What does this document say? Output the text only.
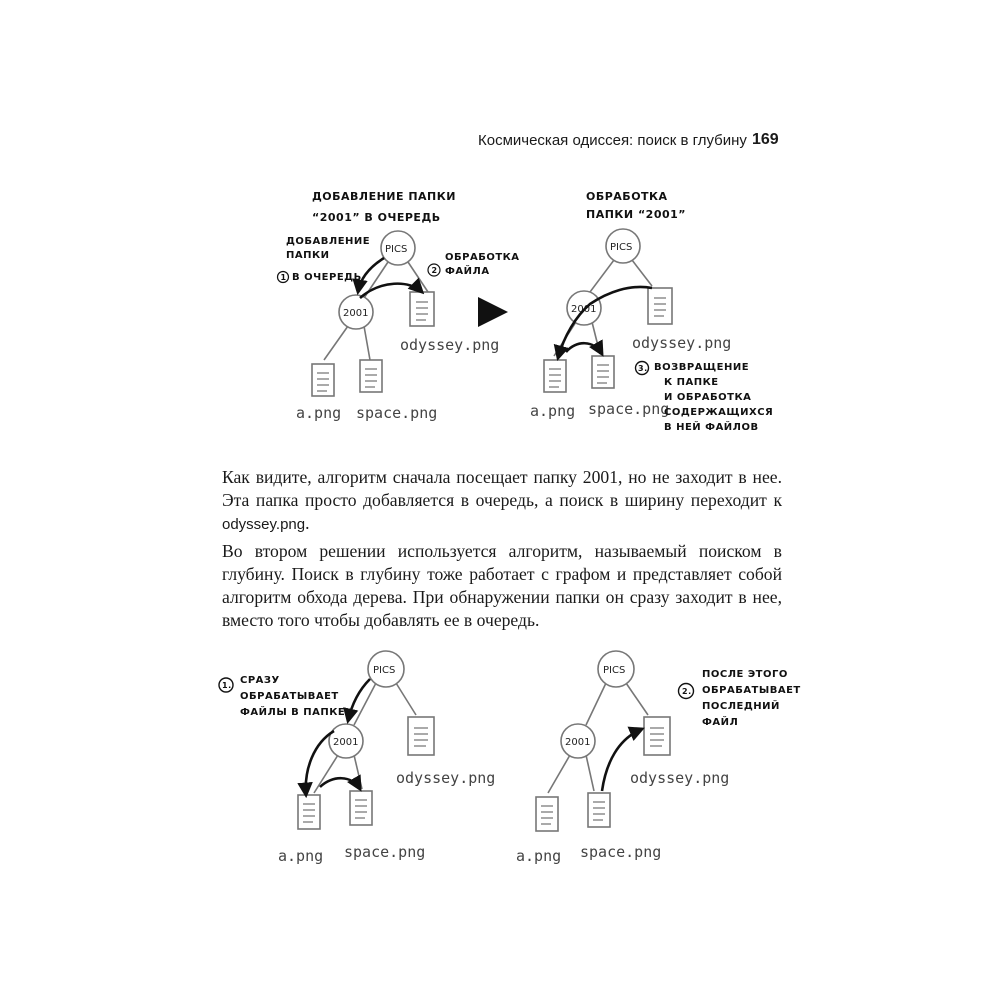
Космическая одиссея: поиск в глубину 169
ДОБАВЛЕНИЕ ПАПКИ
“2001” В ОЧЕРЕДЬ
ДОБАВЛЕНИЕ
ПАПКИ
1 В ОЧЕРЕДЬ
2
ОБРАБОТКА
ФАЙЛА
PICS
2001
odyssey.png
a.png space.png
ОБРАБОТКА
ПАПКИ “2001”
PICS
2001
odyssey.png
a.png space.png
3. ВОЗВРАЩЕНИЕ
К ПАПКЕ
И ОБРАБОТКА
СОДЕРЖАЩИХСЯ
В НЕЙ ФАЙЛОВ

Как видите, алгоритм сначала посещает папку 2001, но не заходит в нее. Эта папка просто добавляется в очередь, а поиск в ширину переходит к odyssey.png.

Во втором решении используется алгоритм, называемый поиском в глубину. Поиск в глубину тоже работает с графом и представляет собой алгоритм обхода дерева. При обнаружении папки он сразу заходит в нее, вместо того чтобы добавлять ее в очередь.

1. СРАЗУ
ОБРАБАТЫВАЕТ
ФАЙЛЫ В ПАПКЕ
PICS
2001
odyssey.png
a.png space.png
PICS
2001
odyssey.png
a.png space.png
2.
ПОСЛЕ ЭТОГО
ОБРАБАТЫВАЕТ
ПОСЛЕДНИЙ
ФАЙЛ
